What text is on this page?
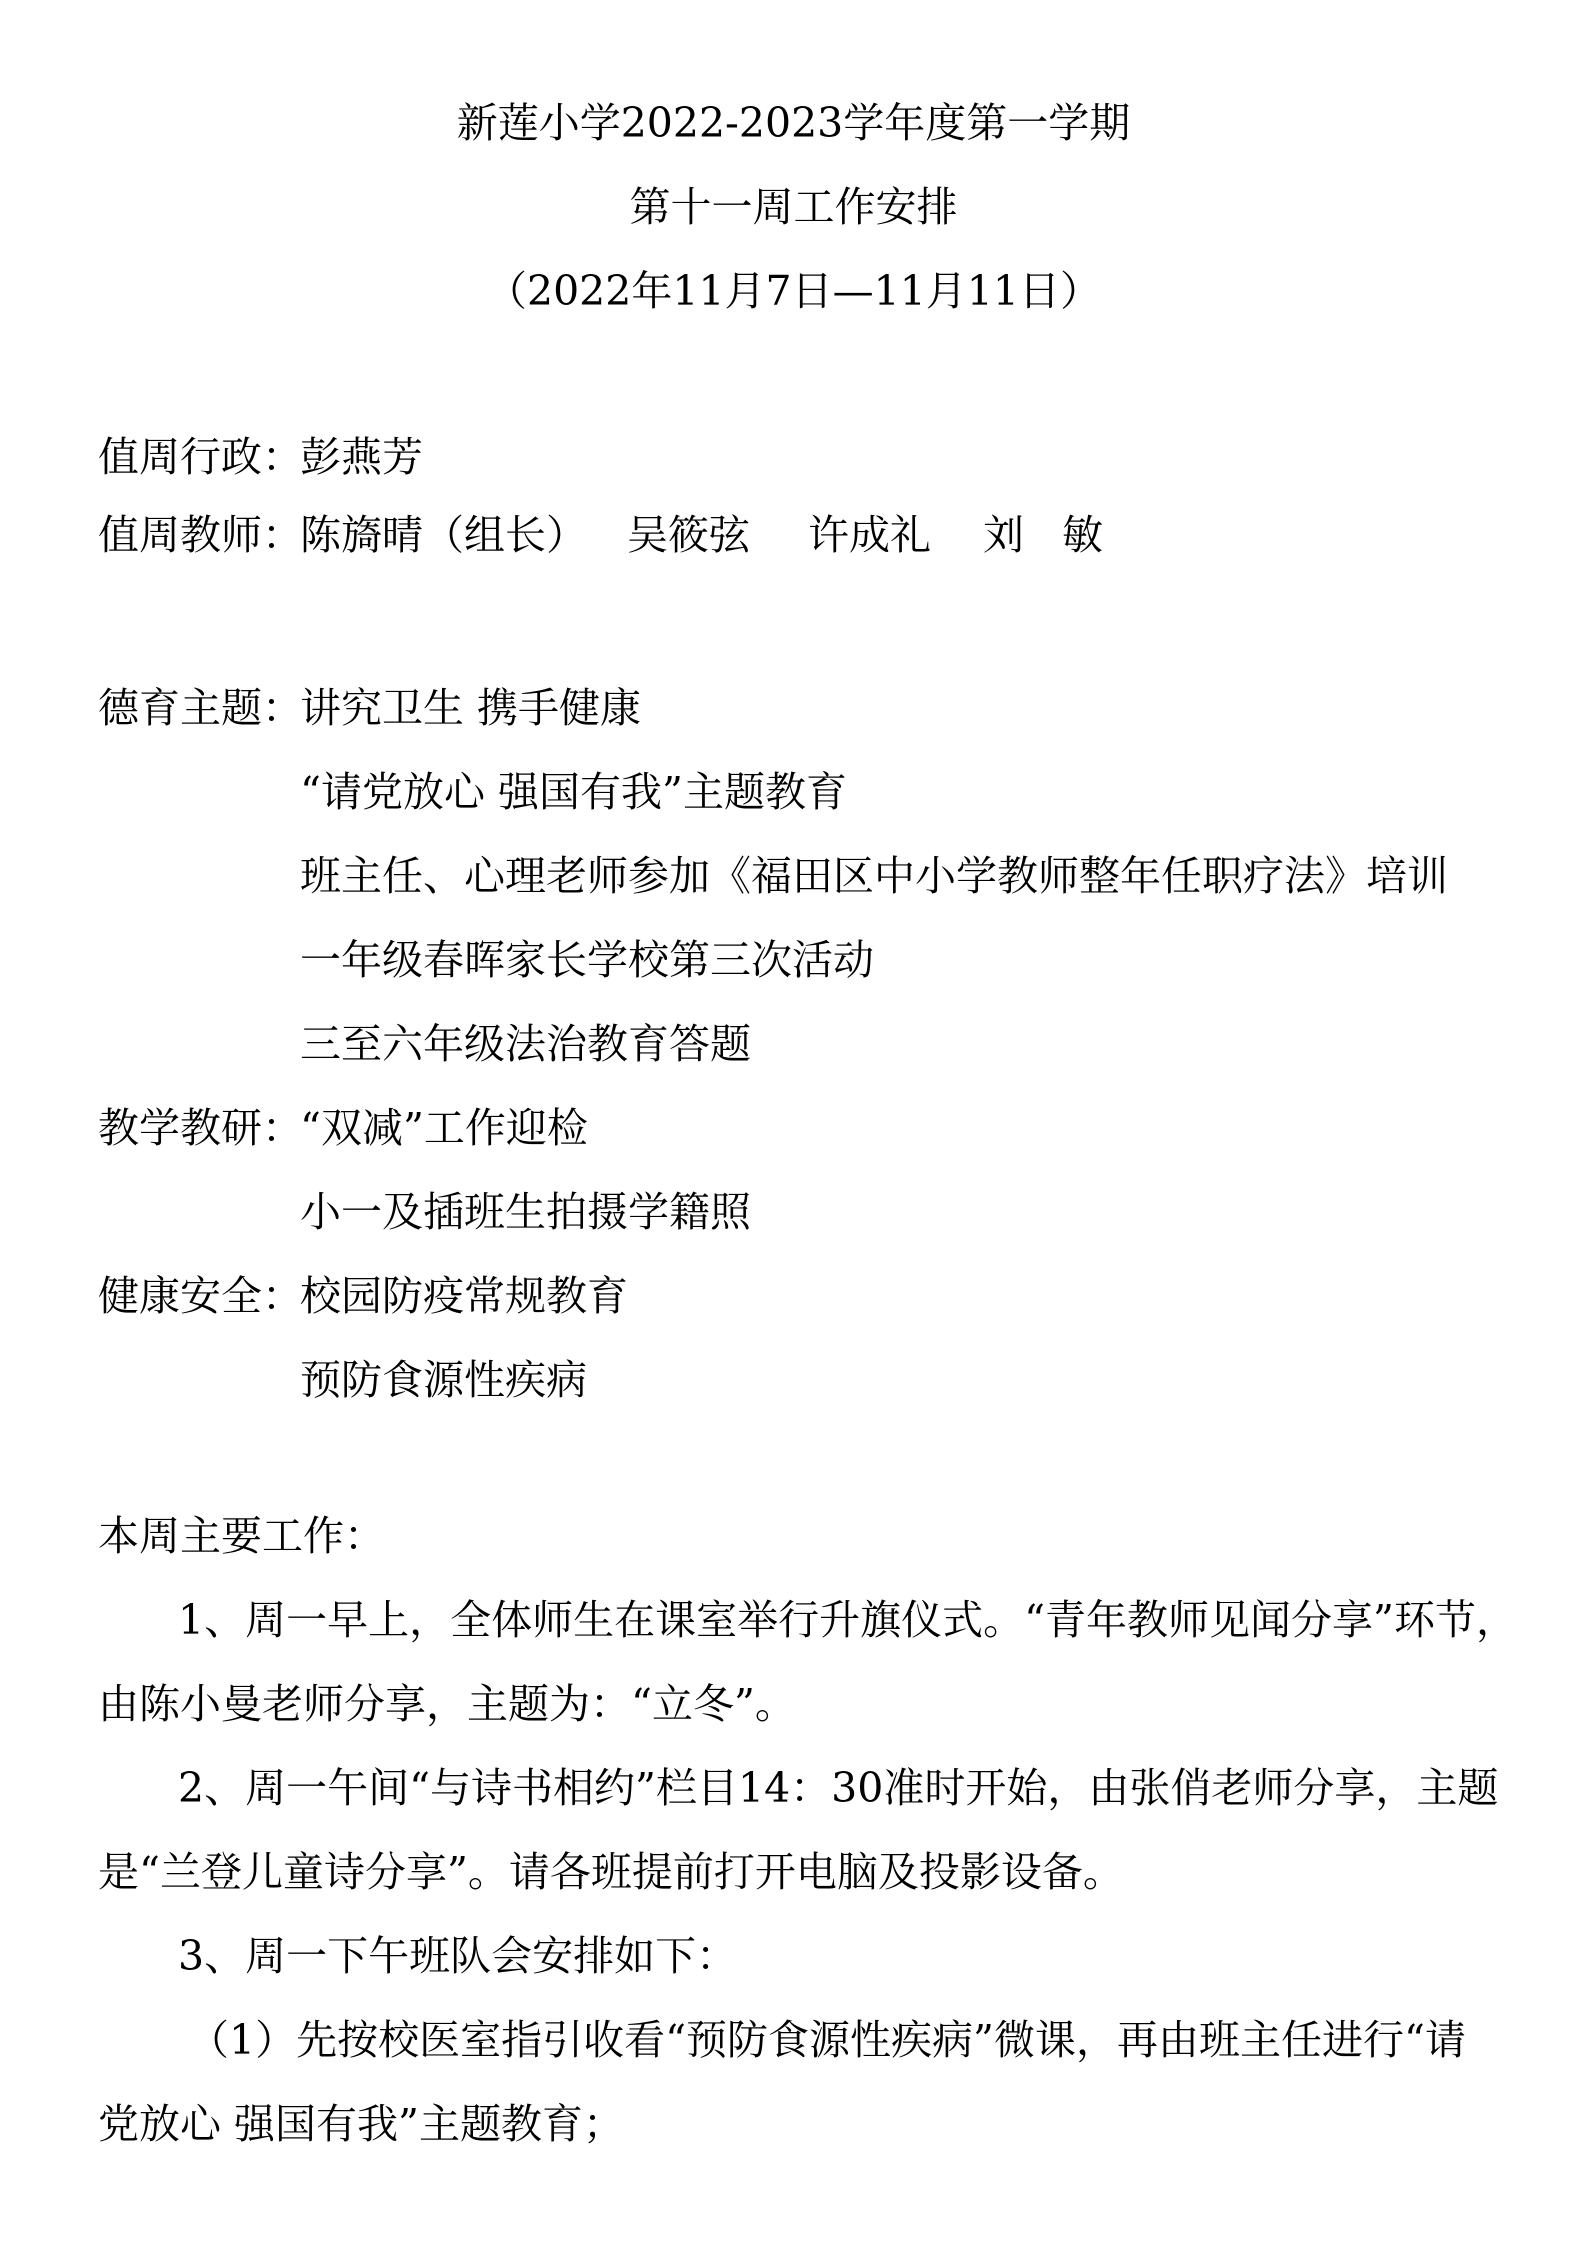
新莲小学2022-2023学年度第一学期
第十一周工作安排
（2022年11月7日—11月11日）
值周行政：
彭燕芳
值周教师：
陈旖晴（组长） 吴筱弦 许成礼 刘 敏
德育主题：
讲究卫生 携手健康
“请党放心 强国有我”主题教育
班主任、心理老师参加《福田区中小学教师整年任职疗法》培训
一年级春晖家长学校第三次活动
三至六年级法治教育答题
教学教研：
“双减”工作迎检
小一及插班生拍摄学籍照
健康安全：
校园防疫常规教育
预防食源性疾病
本周主要工作：
1、周一早上，全体师生在课室举行升旗仪式。“青年教师见闻分享”环节，
由陈小曼老师分享，主题为：“立冬”。
2、周一午间“与诗书相约”栏目14：30准时开始，由张俏老师分享，主题
是“兰登儿童诗分享”。请各班提前打开电脑及投影设备。
3、周一下午班队会安排如下：
（1）先按校医室指引收看“预防食源性疾病”微课，再由班主任进行“请
党放心 强国有我”主题教育；
